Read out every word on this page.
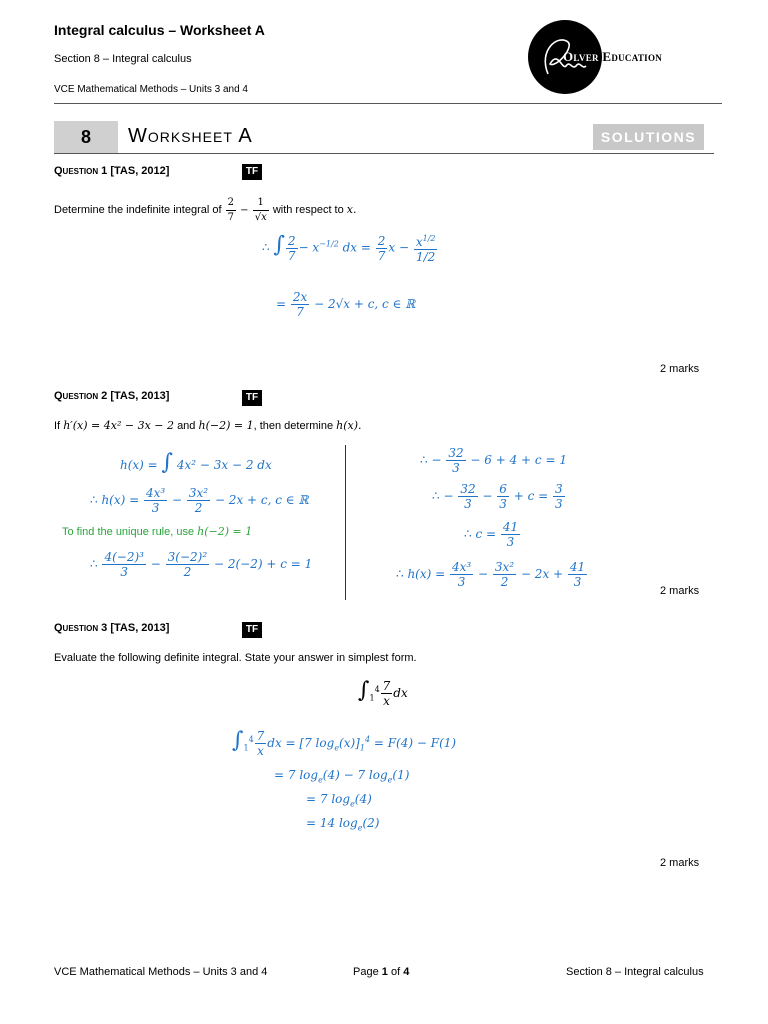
Integral calculus – Worksheet A
Section 8 – Integral calculus
VCE Mathematical Methods – Units 3 and 4
Olver Education
8	Worksheet A	SOLUTIONS
Question 1 [TAS, 2012]	TF
Determine the indefinite integral of $\frac{2}{7} - \frac{1}{√x}$ with respect to x.
∴ ∫ $\frac{2}{7} - x^{-1/2}$ dx = $\frac{2}{7}$ $x - \frac{x^{1/2}}{1/2}$
= $\frac{2x}{7} - 2√x + c$, c ∈ ℝ
2 marks
Question 2 [TAS, 2013]	TF
If h′(x) = 4x² − 3x − 2 and h(−2) = 1, then determine h(x).
h(x) = ∫ 4x² − 3x − 2 dx
∴ $h(x) = \frac{\text{4x³}}{3} - \frac{\text{3x²}}{2} - 2x + c$, c ∈ ℝ
To find the unique rule, use h(−2) = 1
∴ $\frac{\text{4(−2)³}}{3} - \frac{\text{3(−2)²}}{2} - 2(-2) + c = 1$
∴ − $\frac{32}{3} - 6 + 4 + c = 1$
∴ − $\frac{32}{3} - \frac{6}{3} + c = \frac{3}{3}$
∴ $c = \frac{41}{3}$
∴ $h(x) = \frac{\text{4x³}}{3} - \frac{\text{3x²}}{2} - 2x + \frac{41}{3}$
2 marks
Question 3 [TAS, 2013]	TF
Evaluate the following definite integral. State your answer in simplest form.
$\int_1^4 \frac{7}{x}$ dx
$\int_1^4 \frac{7}{x}$ dx = [7 $\log_e(x)]_1^4 = F(4) - F(1)$
= 7 $\log_e(4) - 7$ $\log_e(1)$
= 7 $\log_e(4)$
= 14 $\log_e(2)$
2 marks
VCE Mathematical Methods – Units 3 and 4	Page 1 of 4	Section 8 – Integral calculus
